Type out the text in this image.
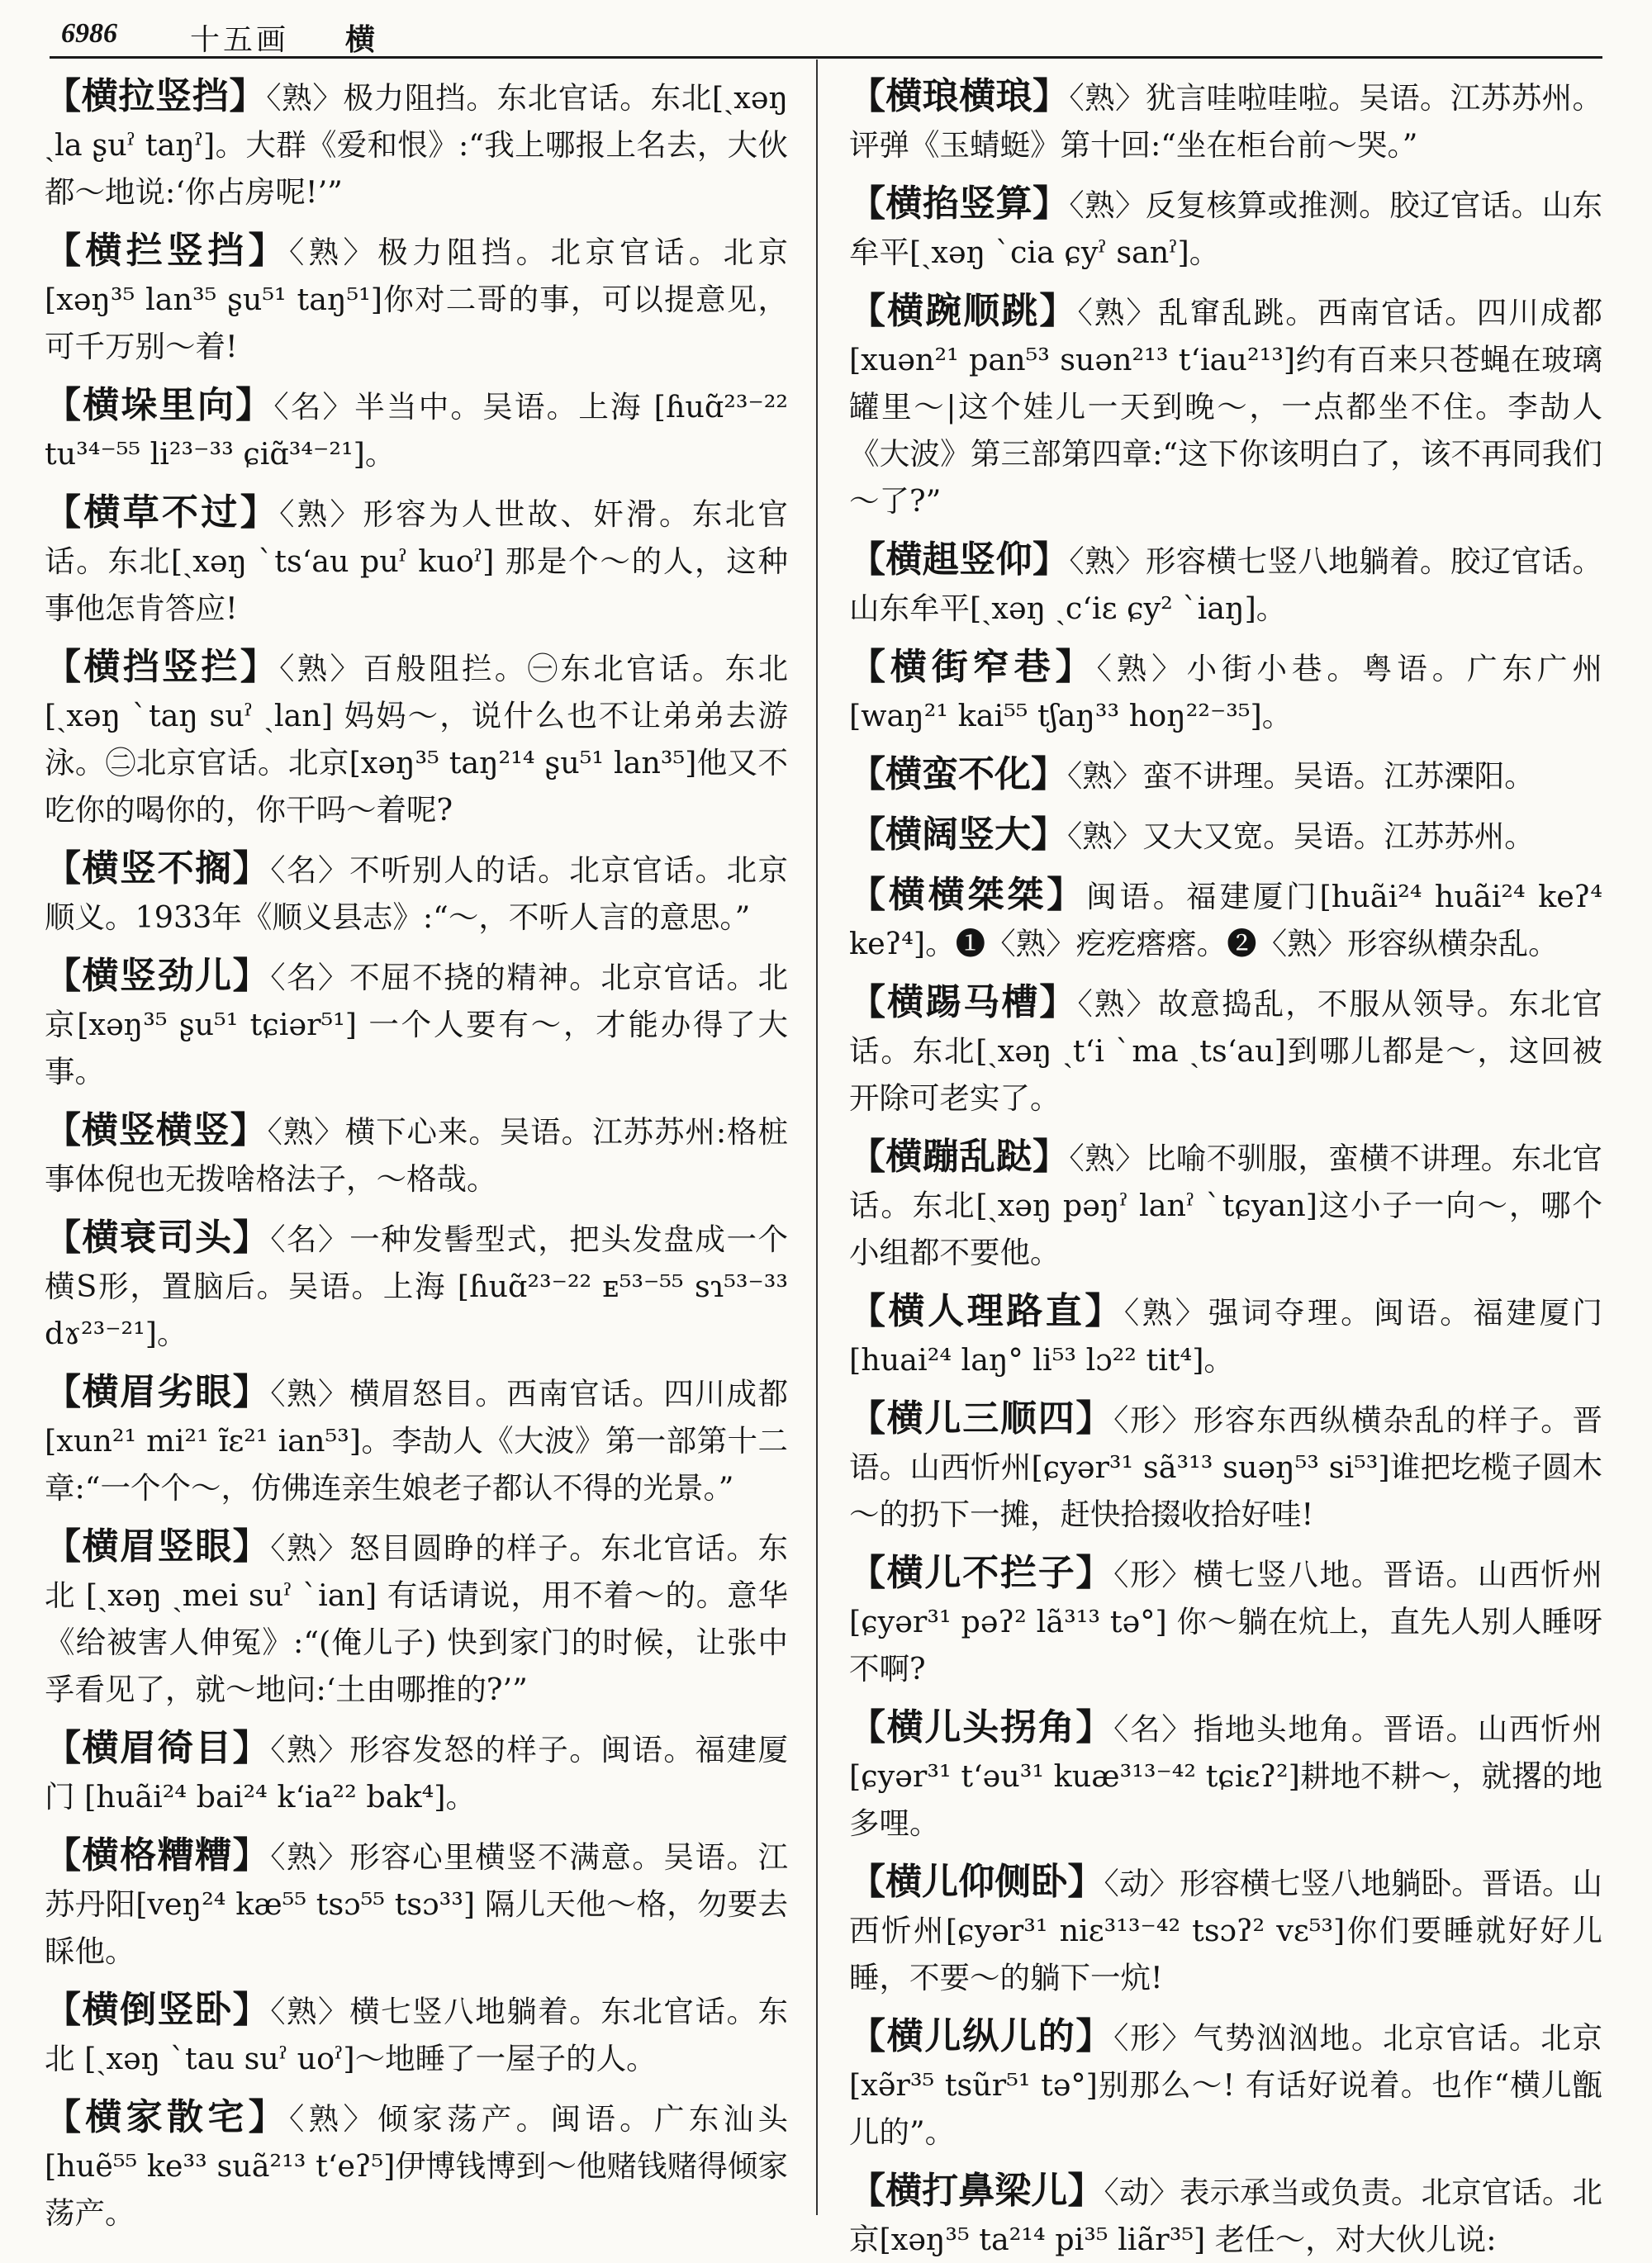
6986 十五画 横

【横拉竖挡】〈熟〉极力阻挡。东北官话。东北[ˏxəŋ ˏla ʂuˀ taŋˀ]。大群《爱和恨》:“我上哪报上名去，大伙都～地说:‘你占房呢!’”

【横拦竖挡】〈熟〉极力阻挡。北京官话。北京[xəŋ³⁵ lan³⁵ ʂu⁵¹ taŋ⁵¹]你对二哥的事，可以提意见，可千万别～着!

【横垛里向】〈名〉半当中。吴语。上海 [ɦuɑ̃²³⁻²² tu³⁴⁻⁵⁵ li²³⁻³³ ɕiɑ̃³⁴⁻²¹]。

【横草不过】〈熟〉形容为人世故、奸滑。东北官话。东北[ˏxəŋ ˋtsʻau puˀ kuoˀ] 那是个～的人，这种事他怎肯答应!

【横挡竖拦】〈熟〉百般阻拦。㊀东北官话。东北 [ˏxəŋ ˋtaŋ suˀ ˏlan] 妈妈～，说什么也不让弟弟去游泳。㊁北京官话。北京[xəŋ³⁵ taŋ²¹⁴ ʂu⁵¹ lan³⁵]他又不吃你的喝你的，你干吗～着呢?

【横竖不搁】〈名〉不听别人的话。北京官话。北京顺义。1933年《顺义县志》:“～，不听人言的意思。”

【横竖劲儿】〈名〉不屈不挠的精神。北京官话。北京[xəŋ³⁵ ʂu⁵¹ tɕiər⁵¹] 一个人要有～，才能办得了大事。

【横竖横竖】〈熟〉横下心来。吴语。江苏苏州:格桩事体倪也无拨啥格法子，～格哉。

【横衰司头】〈名〉一种发髻型式，把头发盘成一个横S形，置脑后。吴语。上海 [ɦuɑ̃²³⁻²² ᴇ⁵³⁻⁵⁵ sɿ⁵³⁻³³ dɤ²³⁻²¹]。

【横眉劣眼】〈熟〉横眉怒目。西南官话。四川成都 [xun²¹ mi²¹ ɪ̃ɛ²¹ ian⁵³]。李劼人《大波》第一部第十二章:“一个个～，仿佛连亲生娘老子都认不得的光景。”

【横眉竖眼】〈熟〉怒目圆睁的样子。东北官话。东北 [ˏxəŋ ˏmei suˀ ˋian] 有话请说，用不着～的。意华《给被害人伸冤》:“(俺儿子) 快到家门的时候，让张中孚看见了，就～地问:‘土由哪推的?’”

【横眉徛目】〈熟〉形容发怒的样子。闽语。福建厦门 [huãi²⁴ bai²⁴ kʻia²² bak⁴]。

【横格糟糟】〈熟〉形容心里横竖不满意。吴语。江苏丹阳[veŋ²⁴ kæ⁵⁵ tsɔ⁵⁵ tsɔ³³] 隔儿天他～格，勿要去睬他。

【横倒竖卧】〈熟〉横七竖八地躺着。东北官话。东北 [ˏxəŋ ˋtau suˀ uoˀ]～地睡了一屋子的人。

【横家散宅】〈熟〉倾家荡产。闽语。广东汕头[huẽ⁵⁵ ke³³ suã²¹³ tʻeʔ⁵]伊博钱博到～他赌钱赌得倾家荡产。

【横琅横琅】〈熟〉犹言哇啦哇啦。吴语。江苏苏州。评弹《玉蜻蜓》第十回:“坐在柜台前～哭。”

【横掐竖算】〈熟〉反复核算或推测。胶辽官话。山东牟平[ˏxəŋ ˋcia ɕyˀ sanˀ]。

【横踠顺跳】〈熟〉乱窜乱跳。西南官话。四川成都 [xuən²¹ pan⁵³ suən²¹³ tʻiau²¹³]约有百来只苍蝇在玻璃罐里～|这个娃儿一天到晚～，一点都坐不住。李劼人《大波》第三部第四章:“这下你该明白了，该不再同我们～了?”

【横趄竖仰】〈熟〉形容横七竖八地躺着。胶辽官话。山东牟平[ˏxəŋ ˏcʻiɛ ɕy² ˋiaŋ]。

【横街窄巷】〈熟〉小街小巷。粤语。广东广州 [waŋ²¹ kai⁵⁵ tʃaŋ³³ hoŋ²²⁻³⁵]。

【横蛮不化】〈熟〉蛮不讲理。吴语。江苏溧阳。

【横阔竖大】〈熟〉又大又宽。吴语。江苏苏州。

【横横桀桀】闽语。福建厦门[huãi²⁴ huãi²⁴ keʔ⁴ keʔ⁴]。❶〈熟〉疙疙瘩瘩。❷〈熟〉形容纵横杂乱。

【横踢马槽】〈熟〉故意捣乱，不服从领导。东北官话。东北[ˏxəŋ ˏtʻi ˋma ˏtsʻau]到哪儿都是～，这回被开除可老实了。

【横蹦乱跶】〈熟〉比喻不驯服，蛮横不讲理。东北官话。东北[ˏxəŋ pəŋˀ lanˀ ˋtɕyan]这小子一向～，哪个小组都不要他。

【横人理路直】〈熟〉强词夺理。闽语。福建厦门 [huai²⁴ laŋ° li⁵³ lɔ²² tit⁴]。

【横儿三顺四】〈形〉形容东西纵横杂乱的样子。晋语。山西忻州[ɕyər³¹ sã³¹³ suəŋ⁵³ si⁵³]谁把圪榄子圆木～的扔下一摊，赶快拾掇收拾好哇!

【横儿不拦子】〈形〉横七竖八地。晋语。山西忻州 [ɕyər³¹ pəʔ² lã³¹³ tə°] 你～躺在炕上，直先人别人睡呀不啊?

【横儿头拐角】〈名〉指地头地角。晋语。山西忻州 [ɕyər³¹ tʻəu³¹ kuæ³¹³⁻⁴² tɕiɛʔ²]耕地不耕～，就撂的地多哩。

【横儿仰侧卧】〈动〉形容横七竖八地躺卧。晋语。山西忻州[ɕyər³¹ niɛ³¹³⁻⁴² tsɔʔ² vɛ⁵³]你们要睡就好好儿睡，不要～的躺下一炕!

【横儿纵儿的】〈形〉气势汹汹地。北京官话。北京 [xə̃r³⁵ tsũr⁵¹ tə°]别那么～! 有话好说着。也作“横儿甑儿的”。

【横打鼻梁儿】〈动〉表示承当或负责。北京官话。北京[xəŋ³⁵ ta²¹⁴ pi³⁵ liãr³⁵] 老任～，对大伙儿说:
